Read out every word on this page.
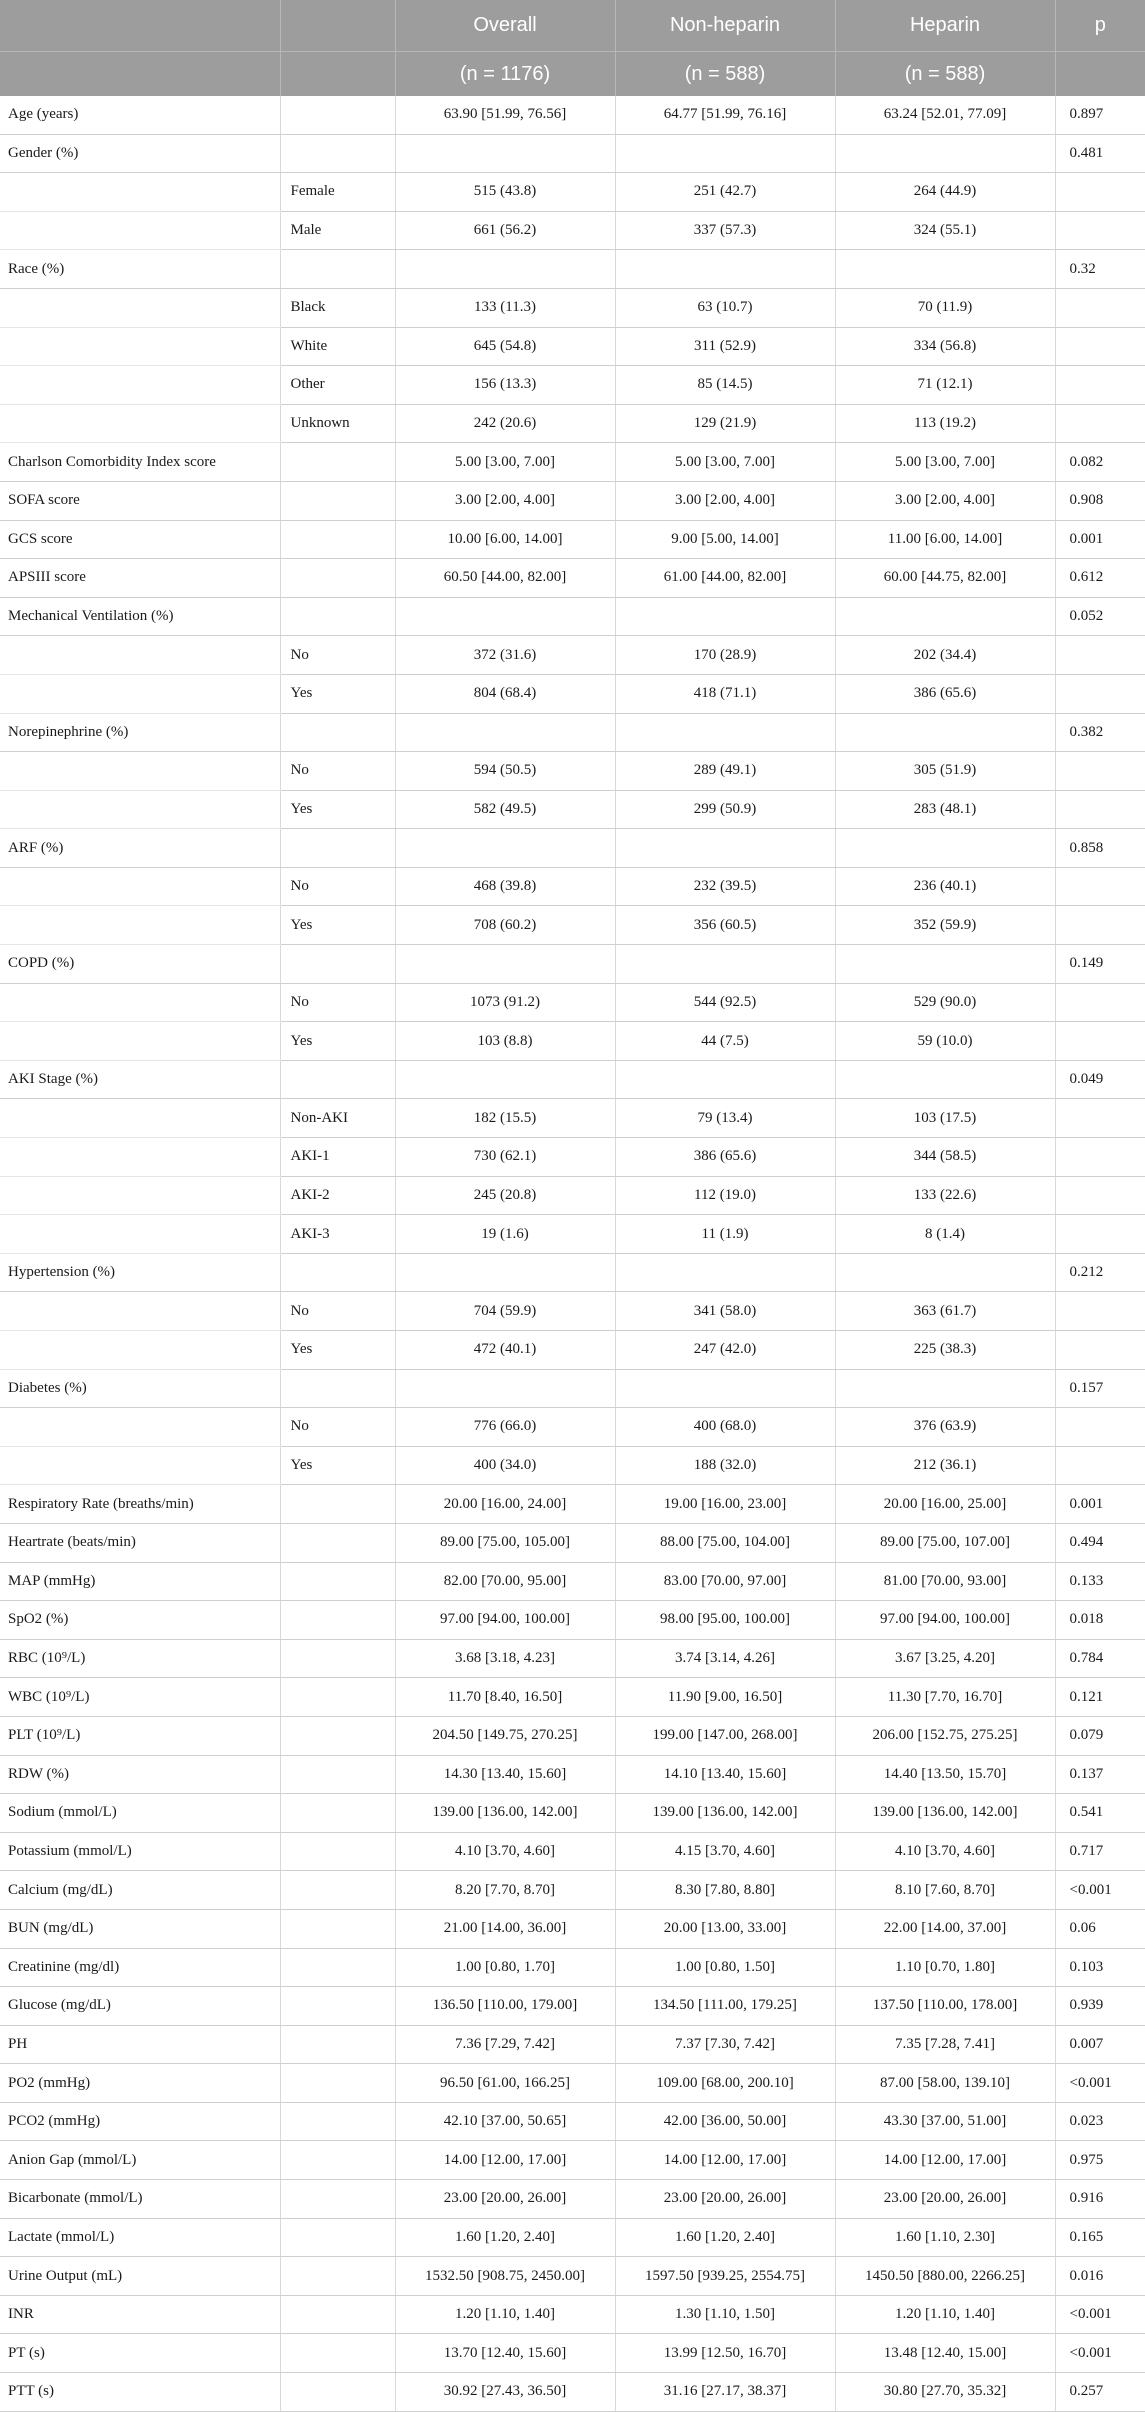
		Overall	Non-heparin	Heparin	p
		(n = 1176)	(n = 588)	(n = 588)	
Age (years)		63.90 [51.99, 76.56]	64.77 [51.99, 76.16]	63.24 [52.01, 77.09]	0.897
Gender (%)					0.481
	Female	515 (43.8)	251 (42.7)	264 (44.9)	
	Male	661 (56.2)	337 (57.3)	324 (55.1)	
Race (%)					0.32
	Black	133 (11.3)	63 (10.7)	70 (11.9)	
	White	645 (54.8)	311 (52.9)	334 (56.8)	
	Other	156 (13.3)	85 (14.5)	71 (12.1)	
	Unknown	242 (20.6)	129 (21.9)	113 (19.2)	
Charlson Comorbidity Index score		5.00 [3.00, 7.00]	5.00 [3.00, 7.00]	5.00 [3.00, 7.00]	0.082
SOFA score		3.00 [2.00, 4.00]	3.00 [2.00, 4.00]	3.00 [2.00, 4.00]	0.908
GCS score		10.00 [6.00, 14.00]	9.00 [5.00, 14.00]	11.00 [6.00, 14.00]	0.001
APSIII score		60.50 [44.00, 82.00]	61.00 [44.00, 82.00]	60.00 [44.75, 82.00]	0.612
Mechanical Ventilation (%)					0.052
	No	372 (31.6)	170 (28.9)	202 (34.4)	
	Yes	804 (68.4)	418 (71.1)	386 (65.6)	
Norepinephrine (%)					0.382
	No	594 (50.5)	289 (49.1)	305 (51.9)	
	Yes	582 (49.5)	299 (50.9)	283 (48.1)	
ARF (%)					0.858
	No	468 (39.8)	232 (39.5)	236 (40.1)	
	Yes	708 (60.2)	356 (60.5)	352 (59.9)	
COPD (%)					0.149
	No	1073 (91.2)	544 (92.5)	529 (90.0)	
	Yes	103 (8.8)	44 (7.5)	59 (10.0)	
AKI Stage (%)					0.049
	Non-AKI	182 (15.5)	79 (13.4)	103 (17.5)	
	AKI-1	730 (62.1)	386 (65.6)	344 (58.5)	
	AKI-2	245 (20.8)	112 (19.0)	133 (22.6)	
	AKI-3	19 (1.6)	11 (1.9)	8 (1.4)	
Hypertension (%)					0.212
	No	704 (59.9)	341 (58.0)	363 (61.7)	
	Yes	472 (40.1)	247 (42.0)	225 (38.3)	
Diabetes (%)					0.157
	No	776 (66.0)	400 (68.0)	376 (63.9)	
	Yes	400 (34.0)	188 (32.0)	212 (36.1)	
Respiratory Rate (breaths/min)		20.00 [16.00, 24.00]	19.00 [16.00, 23.00]	20.00 [16.00, 25.00]	0.001
Heartrate (beats/min)		89.00 [75.00, 105.00]	88.00 [75.00, 104.00]	89.00 [75.00, 107.00]	0.494
MAP (mmHg)		82.00 [70.00, 95.00]	83.00 [70.00, 97.00]	81.00 [70.00, 93.00]	0.133
SpO2 (%)		97.00 [94.00, 100.00]	98.00 [95.00, 100.00]	97.00 [94.00, 100.00]	0.018
RBC (10⁹/L)		3.68 [3.18, 4.23]	3.74 [3.14, 4.26]	3.67 [3.25, 4.20]	0.784
WBC (10⁹/L)		11.70 [8.40, 16.50]	11.90 [9.00, 16.50]	11.30 [7.70, 16.70]	0.121
PLT (10⁹/L)		204.50 [149.75, 270.25]	199.00 [147.00, 268.00]	206.00 [152.75, 275.25]	0.079
RDW (%)		14.30 [13.40, 15.60]	14.10 [13.40, 15.60]	14.40 [13.50, 15.70]	0.137
Sodium (mmol/L)		139.00 [136.00, 142.00]	139.00 [136.00, 142.00]	139.00 [136.00, 142.00]	0.541
Potassium (mmol/L)		4.10 [3.70, 4.60]	4.15 [3.70, 4.60]	4.10 [3.70, 4.60]	0.717
Calcium (mg/dL)		8.20 [7.70, 8.70]	8.30 [7.80, 8.80]	8.10 [7.60, 8.70]	<0.001
BUN (mg/dL)		21.00 [14.00, 36.00]	20.00 [13.00, 33.00]	22.00 [14.00, 37.00]	0.06
Creatinine (mg/dl)		1.00 [0.80, 1.70]	1.00 [0.80, 1.50]	1.10 [0.70, 1.80]	0.103
Glucose (mg/dL)		136.50 [110.00, 179.00]	134.50 [111.00, 179.25]	137.50 [110.00, 178.00]	0.939
PH		7.36 [7.29, 7.42]	7.37 [7.30, 7.42]	7.35 [7.28, 7.41]	0.007
PO2 (mmHg)		96.50 [61.00, 166.25]	109.00 [68.00, 200.10]	87.00 [58.00, 139.10]	<0.001
PCO2 (mmHg)		42.10 [37.00, 50.65]	42.00 [36.00, 50.00]	43.30 [37.00, 51.00]	0.023
Anion Gap (mmol/L)		14.00 [12.00, 17.00]	14.00 [12.00, 17.00]	14.00 [12.00, 17.00]	0.975
Bicarbonate (mmol/L)		23.00 [20.00, 26.00]	23.00 [20.00, 26.00]	23.00 [20.00, 26.00]	0.916
Lactate (mmol/L)		1.60 [1.20, 2.40]	1.60 [1.20, 2.40]	1.60 [1.10, 2.30]	0.165
Urine Output (mL)		1532.50 [908.75, 2450.00]	1597.50 [939.25, 2554.75]	1450.50 [880.00, 2266.25]	0.016
INR		1.20 [1.10, 1.40]	1.30 [1.10, 1.50]	1.20 [1.10, 1.40]	<0.001
PT (s)		13.70 [12.40, 15.60]	13.99 [12.50, 16.70]	13.48 [12.40, 15.00]	<0.001
PTT (s)		30.92 [27.43, 36.50]	31.16 [27.17, 38.37]	30.80 [27.70, 35.32]	0.257
